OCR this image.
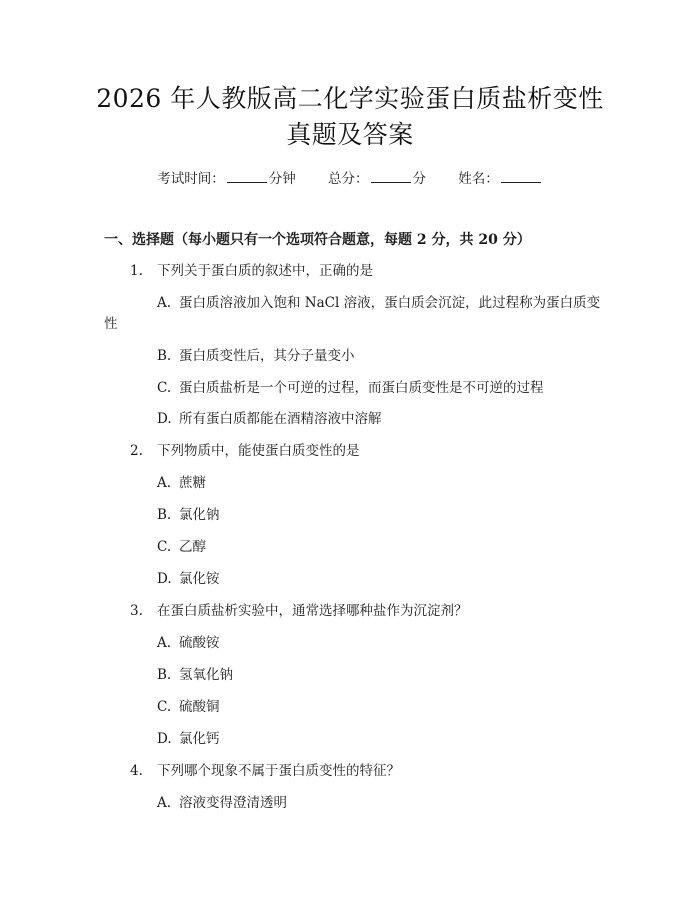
2026 年人教版高二化学实验蛋白质盐析变性
真题及答案
考试时间：	分钟 总分：	分 姓名：
一、选择题（每小题只有一个选项符合题意，每题 2 分，共 20 分）
1. 下列关于蛋白质的叙述中，正确的是
A. 蛋白质溶液加入饱和 NaCl 溶液，蛋白质会沉淀，此过程称为蛋白质变
性
B. 蛋白质变性后，其分子量变小
C. 蛋白质盐析是一个可逆的过程，而蛋白质变性是不可逆的过程
D. 所有蛋白质都能在酒精溶液中溶解
2. 下列物质中，能使蛋白质变性的是
A. 蔗糖
B. 氯化钠
C. 乙醇
D. 氯化铵
3. 在蛋白质盐析实验中，通常选择哪种盐作为沉淀剂？
A. 硫酸铵
B. 氢氧化钠
C. 硫酸铜
D. 氯化钙
4. 下列哪个现象不属于蛋白质变性的特征？
A. 溶液变得澄清透明
